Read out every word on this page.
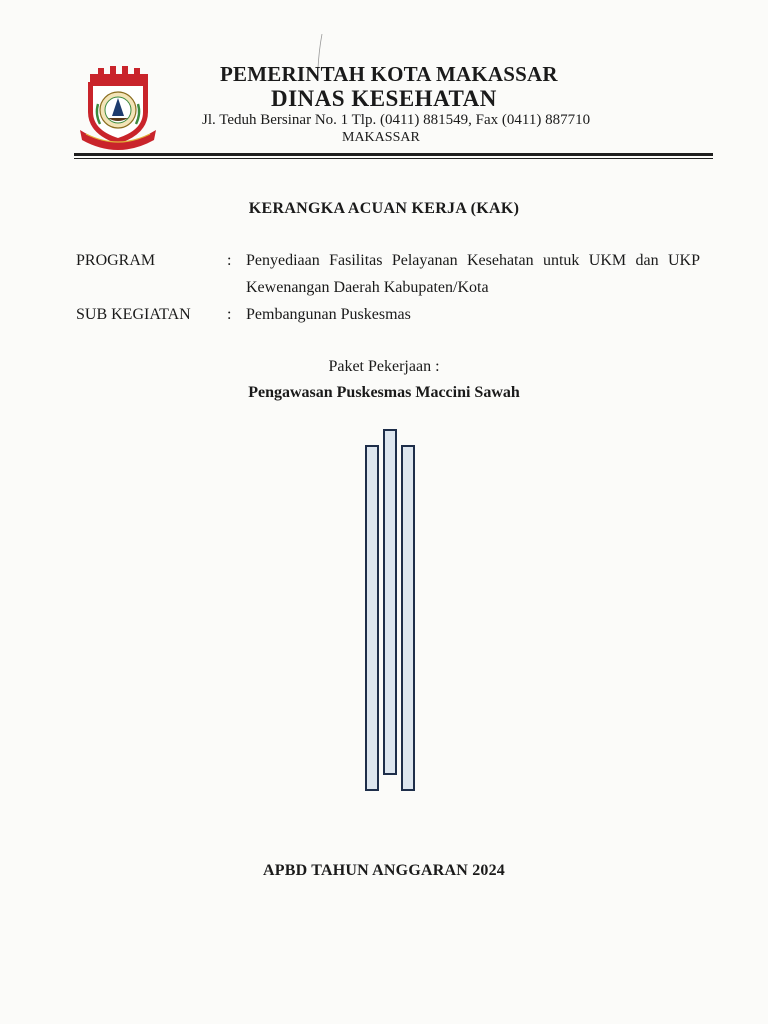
PEMERINTAH KOTA MAKASSAR
DINAS KESEHATAN
Jl. Teduh Bersinar No. 1 Tlp. (0411) 881549, Fax (0411) 887710
MAKASSAR
KERANGKA ACUAN KERJA (KAK)
PROGRAM	: Penyediaan Fasilitas Pelayanan Kesehatan untuk UKM dan UKP Kewenangan Daerah Kabupaten/Kota
SUB KEGIATAN : Pembangunan Puskesmas
Paket Pekerjaan :
Pengawasan Puskesmas Maccini Sawah
APBD TAHUN ANGGARAN 2024
